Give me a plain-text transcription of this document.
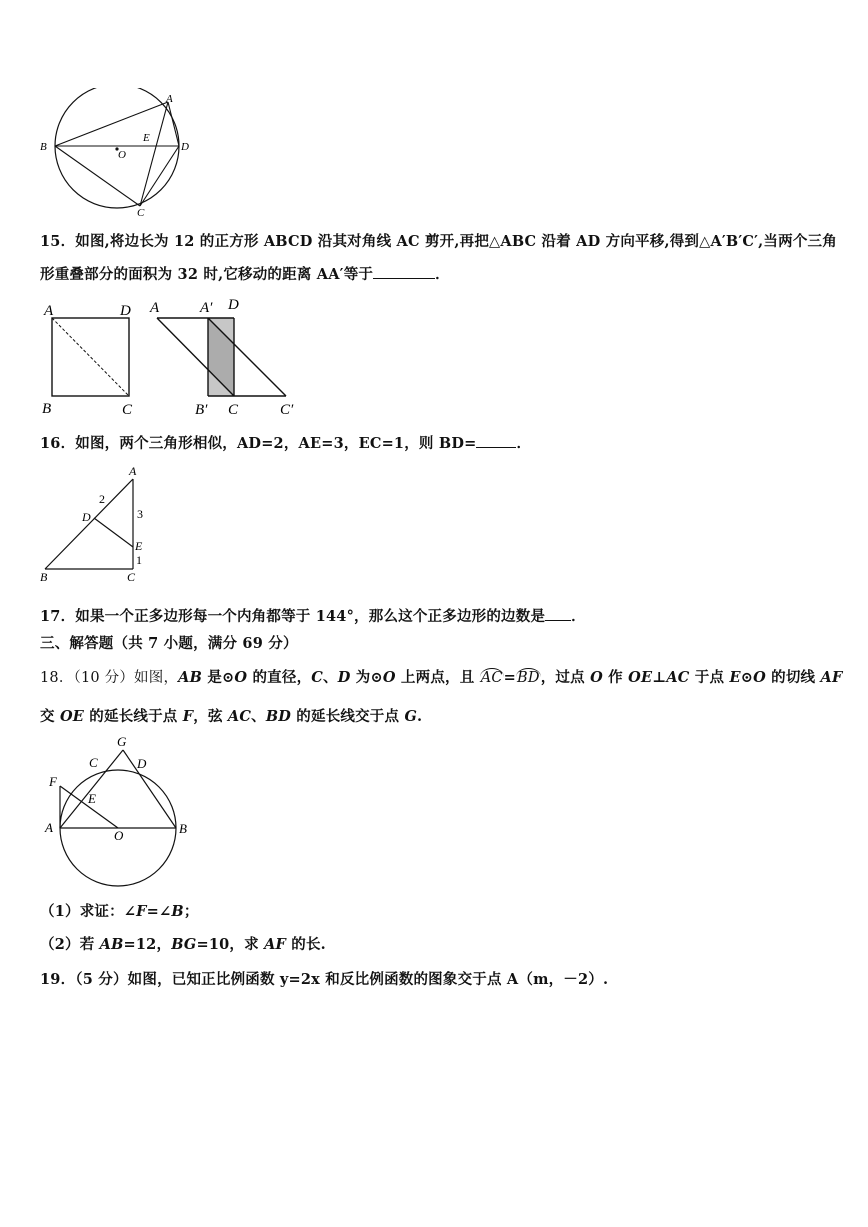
A
B
C
D
E
O
15．如图,将边长为 12 的正方形 ABCD 沿其对角线 AC 剪开,再把△ABC 沿着 AD 方向平移,得到△A′B′C′,当两个三角
形重叠部分的面积为 32 时,它移动的距离 AA′等于	．
A	D
B	C
A	A′ D
B′ C	C′
16．如图，两个三角形相似，AD=2，AE=3，EC=1，则 BD=	．
A
D
E
B	C
2
3
1
17．如果一个正多边形每一个内角都等于 144°，那么这个正多边形的边数是 ．
三、解答题（共 7 小题，满分 69 分）
18．（10 分）如图，AB 是⊙O 的直径，C、D 为⊙O 上两点，且 AC=BD，过点 O 作 OE⊥AC 于点 E⊙O 的切线 AF
交 OE 的延长线于点 F，弦 AC、BD 的延长线交于点 G.
G
C	D
F
E
A
O	B
（1）求证：∠F=∠B；
（2）若 AB=12，BG=10，求 AF 的长.
19．（5 分）如图，已知正比例函数 y=2x 和反比例函数的图象交于点 A（m，－2）.
